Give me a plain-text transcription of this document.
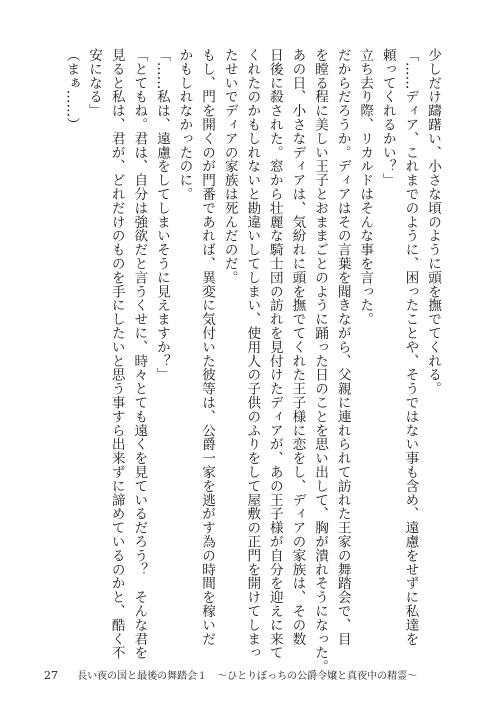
少しだけ躊躇い、小さな頃のように頭を撫でてくれる。

「……ディア、これまでのように、困ったことや、そうではない事も含め、遠慮をせずに私達を

頼ってくれるかい？」

立ち去り際、リカルドはそんな事を言った。

だからだろうか。ディアはその言葉を聞きながら、父親に連れられて訪れた王家の舞踏会で、目

を瞠る程に美しい王子とおままごとのように踊った日のことを思い出して、胸が潰れそうになった。

あの日、小さなディアは、気紛れに頭を撫でてくれた王子様に恋をし、ディアの家族は、その数

日後に殺された。窓から壮麗な騎士団の訪れを見付けたディアが、あの王子様が自分を迎えに来て

くれたのかもしれないと勘違いしてしまい、使用人の子供のふりをして屋敷の正門を開けてしまっ

たせいでディアの家族は死んだのだ。

もし、門を開くのが門番であれば、異変に気付いた彼等は、公爵一家を逃がす為の時間を稼いだ

かもしれなかったのに。

「……私は、遠慮をしてしまいそうに見えますか？」

「とてもね。君は、自分は強欲だと言うくせに、時々とても遠くを見ているだろう？　そんな君を

見ると私は、君が、どれだけのものを手にしたいと思う事すら出来ずに諦めているのかと、酷く不

安になる」

（まぁ……）

27 長い夜の国と最後の舞踏会１　～ひとりぼっちの公爵令嬢と真夜中の精霊～
